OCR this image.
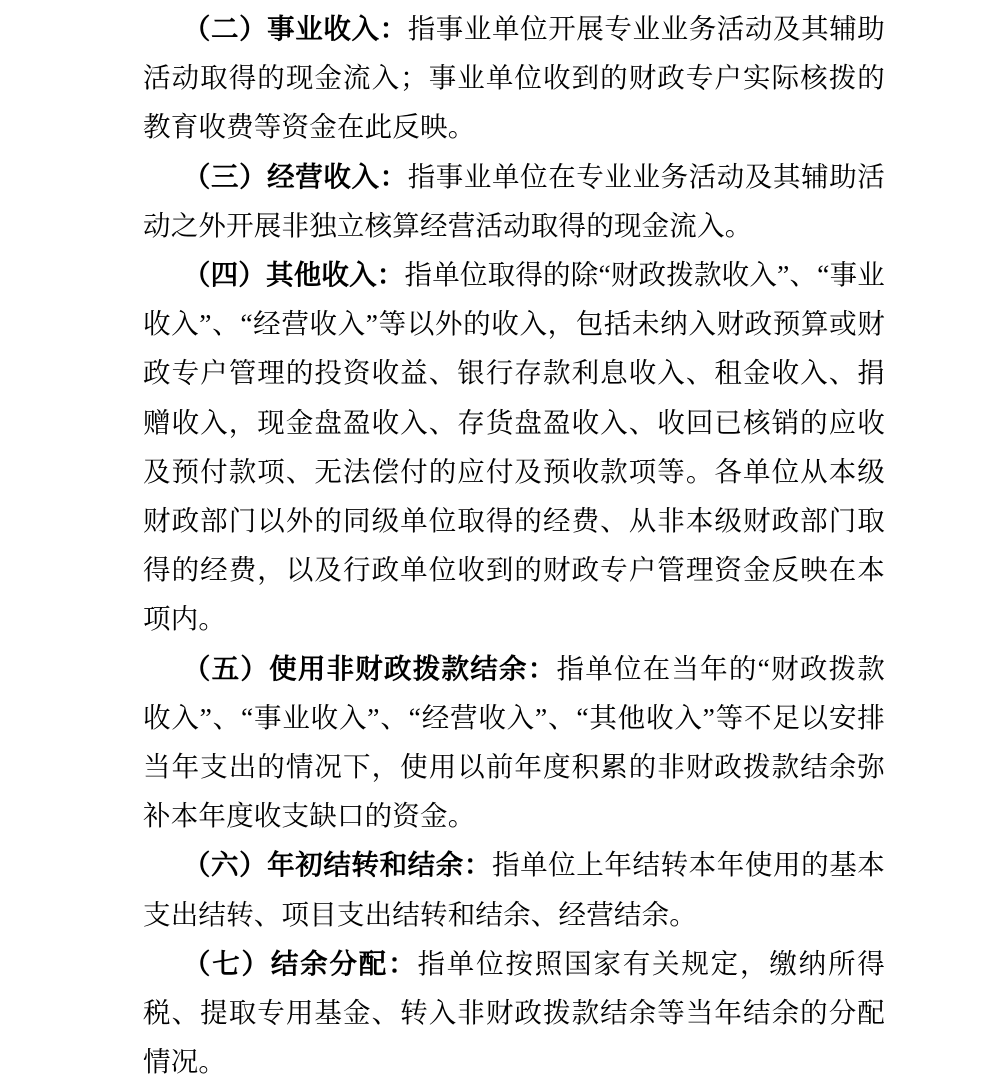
（二）事业收入：指事业单位开展专业业务活动及其辅助活动取得的现金流入；事业单位收到的财政专户实际核拨的教育收费等资金在此反映。

（三）经营收入：指事业单位在专业业务活动及其辅助活动之外开展非独立核算经营活动取得的现金流入。

（四）其他收入：指单位取得的除“财政拨款收入”、“事业收入”、“经营收入”等以外的收入，包括未纳入财政预算或财政专户管理的投资收益、银行存款利息收入、租金收入、捐赠收入，现金盘盈收入、存货盘盈收入、收回已核销的应收及预付款项、无法偿付的应付及预收款项等。各单位从本级财政部门以外的同级单位取得的经费、从非本级财政部门取得的经费，以及行政单位收到的财政专户管理资金反映在本项内。

（五）使用非财政拨款结余：指单位在当年的“财政拨款收入”、“事业收入”、“经营收入”、“其他收入”等不足以安排当年支出的情况下，使用以前年度积累的非财政拨款结余弥补本年度收支缺口的资金。

（六）年初结转和结余：指单位上年结转本年使用的基本支出结转、项目支出结转和结余、经营结余。

（七）结余分配：指单位按照国家有关规定，缴纳所得税、提取专用基金、转入非财政拨款结余等当年结余的分配情况。
